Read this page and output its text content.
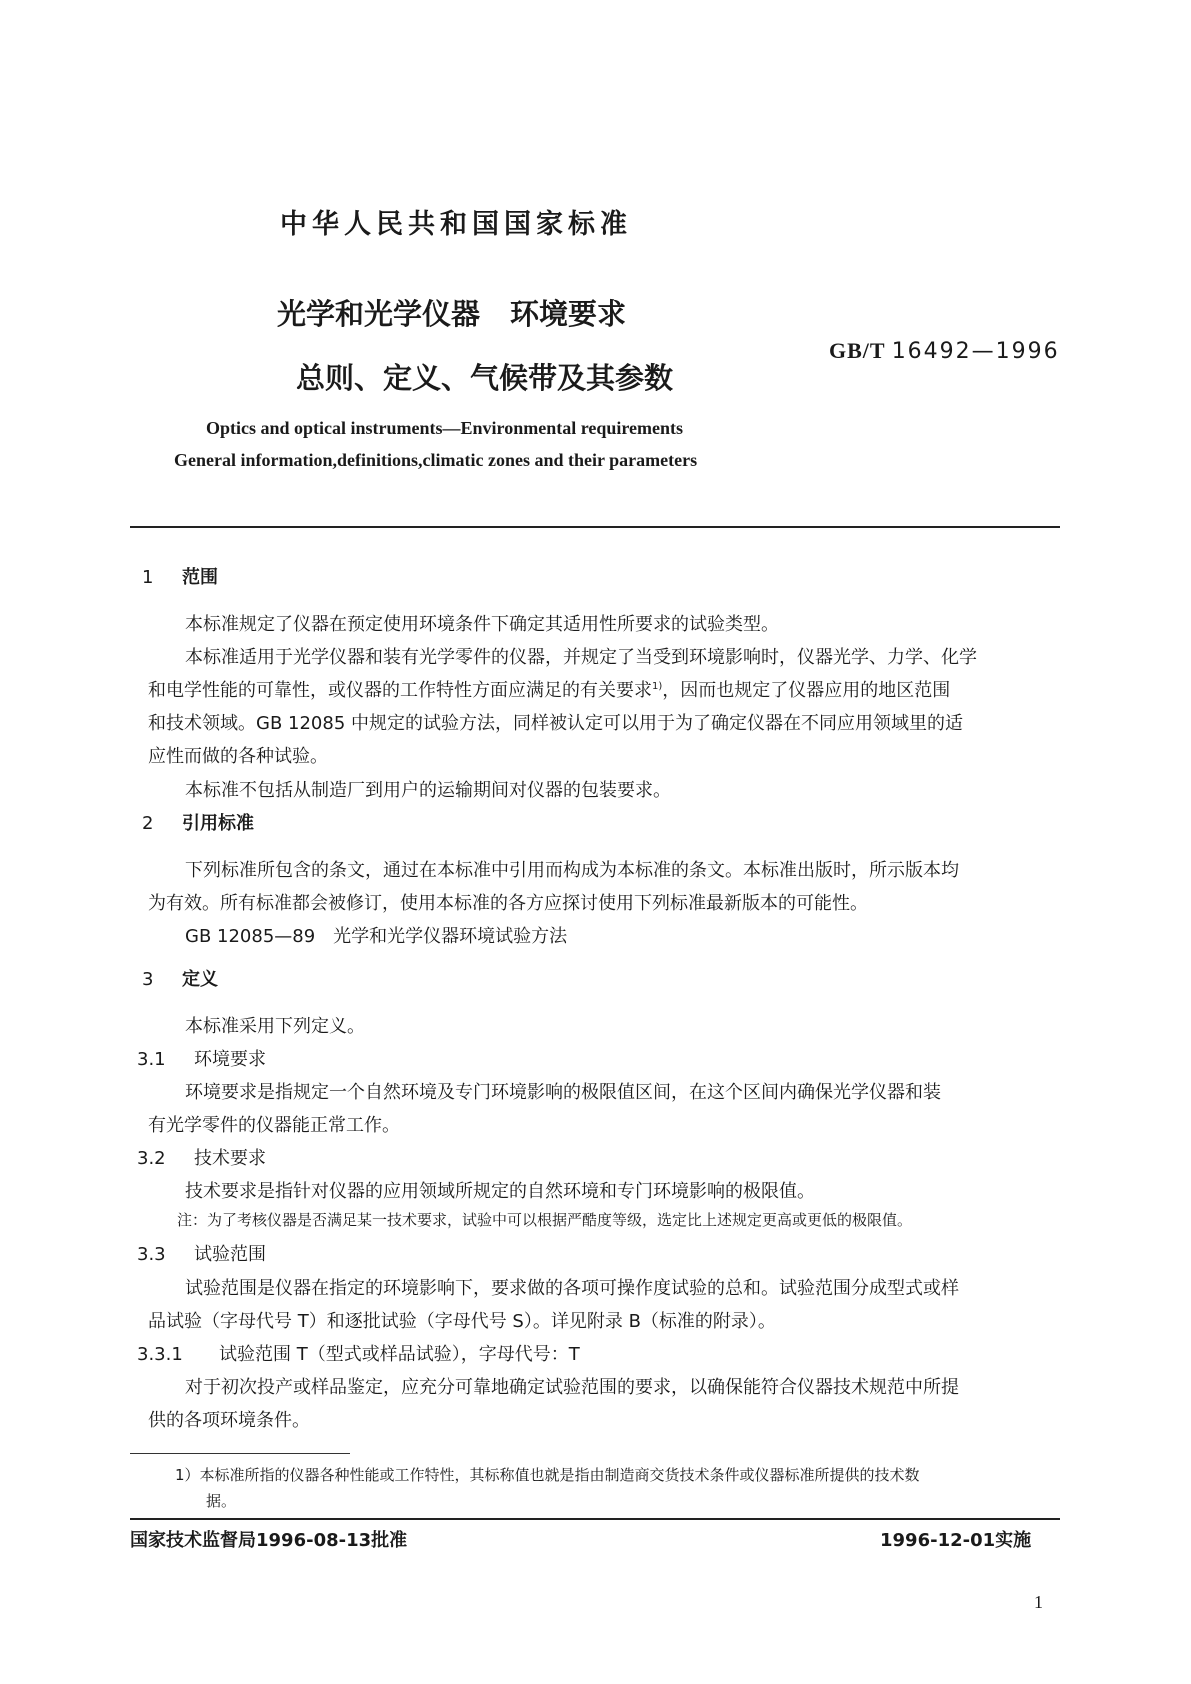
中华人民共和国国家标准
光学和光学仪器 环境要求
总则、定义、气候带及其参数
GB/T 16492—1996
Optics and optical instruments—Environmental requirements
General information,definitions,climatic zones and their parameters
1 范围
本标准规定了仪器在预定使用环境条件下确定其适用性所要求的试验类型。
本标准适用于光学仪器和装有光学零件的仪器，并规定了当受到环境影响时，仪器光学、力学、化学
和电学性能的可靠性，或仪器的工作特性方面应满足的有关要求$^{1)}$，因而也规定了仪器应用的地区范围
和技术领域。GB 12085 中规定的试验方法，同样被认定可以用于为了确定仪器在不同应用领域里的适
应性而做的各种试验。
本标准不包括从制造厂到用户的运输期间对仪器的包装要求。
2 引用标准
下列标准所包含的条文，通过在本标准中引用而构成为本标准的条文。本标准出版时，所示版本均
为有效。所有标准都会被修订，使用本标准的各方应探讨使用下列标准最新版本的可能性。
GB 12085—89　光学和光学仪器环境试验方法
3 定义
本标准采用下列定义。
3.1 环境要求
环境要求是指规定一个自然环境及专门环境影响的极限值区间，在这个区间内确保光学仪器和装
有光学零件的仪器能正常工作。
3.2 技术要求
技术要求是指针对仪器的应用领域所规定的自然环境和专门环境影响的极限值。
注：为了考核仪器是否满足某一技术要求，试验中可以根据严酷度等级，选定比上述规定更高或更低的极限值。
3.3 试验范围
试验范围是仪器在指定的环境影响下，要求做的各项可操作度试验的总和。试验范围分成型式或样
品试验（字母代号 T）和逐批试验（字母代号 S）。详见附录 B（标准的附录）。
3.3.1 试验范围 T（型式或样品试验），字母代号：T
对于初次投产或样品鉴定，应充分可靠地确定试验范围的要求，以确保能符合仪器技术规范中所提
供的各项环境条件。
1）本标准所指的仪器各种性能或工作特性，其标称值也就是指由制造商交货技术条件或仪器标准所提供的技术数
据。
国家技术监督局1996-08-13批准	1996-12-01实施
1
